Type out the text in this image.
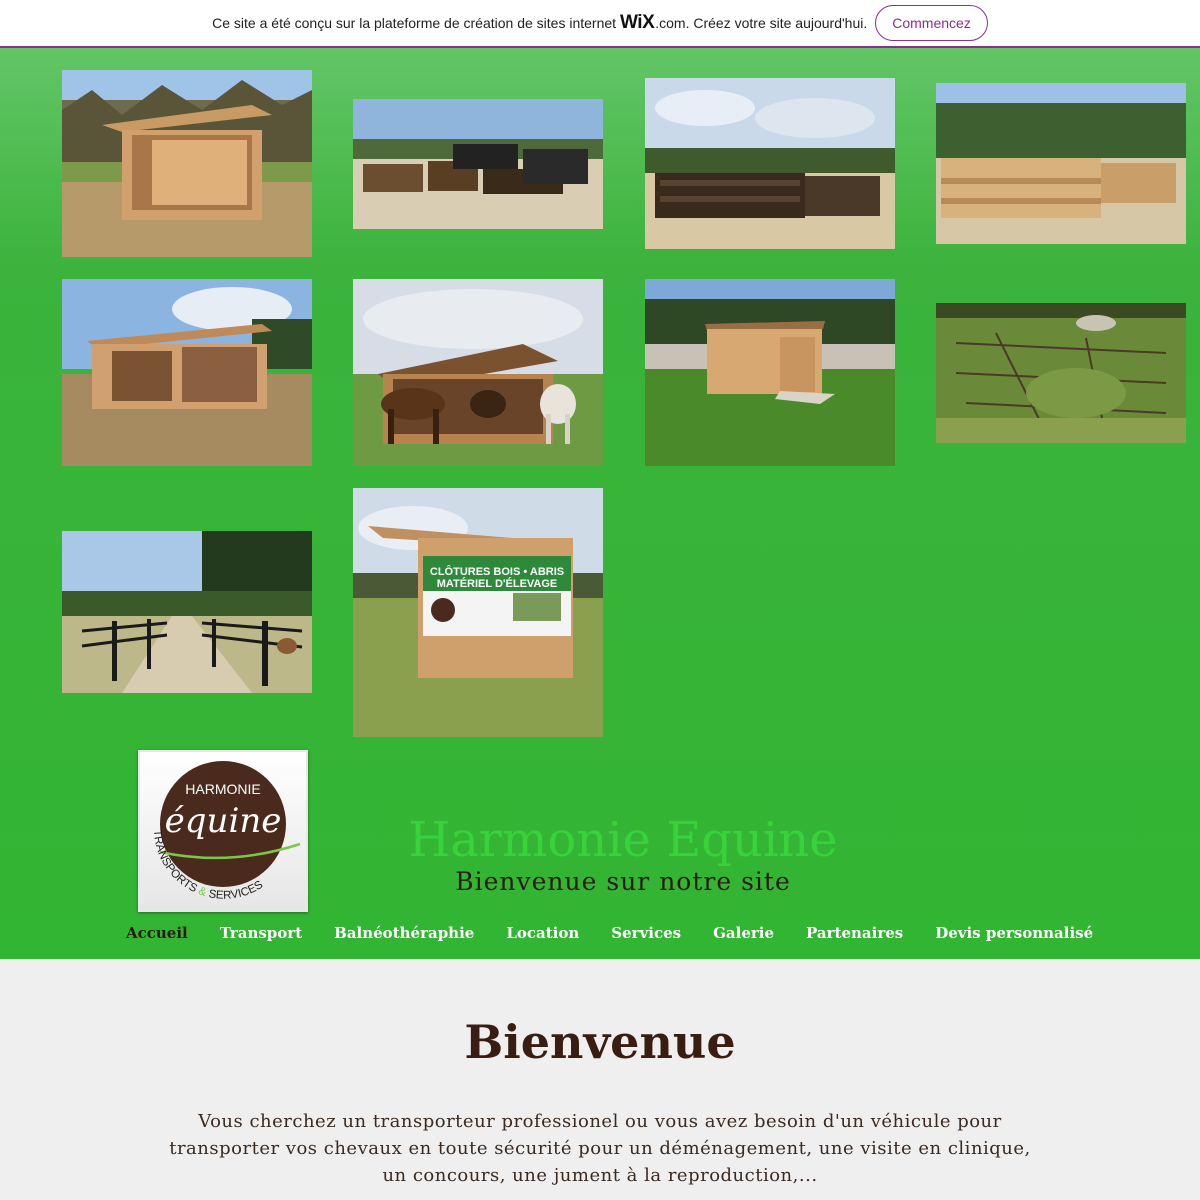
Ce site a été conçu sur la plateforme de création de sites internet WiX .com. Créez votre site aujourd'hui.	Commencez
CLÔTURES BOIS • ABRIS
MATÉRIEL D'ÉLEVAGE
HARMONIE
équine
TRANSPORTS & SERVICES
Harmonie Equine
Bienvenue sur notre site
Accueil	Transport	Balnéothéraphie	Location	Services	Galerie	Partenaires	Devis personnalisé
Bienvenue
Vous cherchez un transporteur professionel ou vous avez besoin d'un véhicule pour
transporter vos chevaux en toute sécurité pour un déménagement, une visite en clinique,
un concours, une jument à la reproduction,...
